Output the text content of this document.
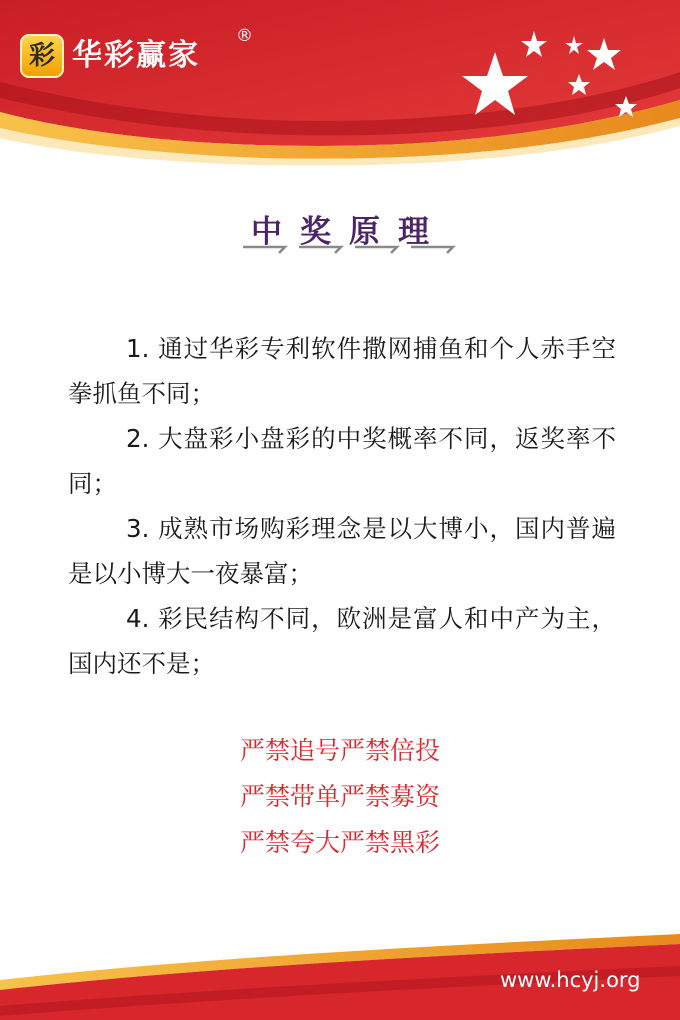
彩 华彩赢家
®
中奖原理

1. 通过华彩专利软件撒网捕鱼和个人赤手空拳抓鱼不同；

2. 大盘彩小盘彩的中奖概率不同，返奖率不同；

3. 成熟市场购彩理念是以大博小，国内普遍是以小博大一夜暴富；

4. 彩民结构不同，欧洲是富人和中产为主，国内还不是；

严禁追号严禁倍投

严禁带单严禁募资

严禁夸大严禁黑彩

www.hcyj.org
